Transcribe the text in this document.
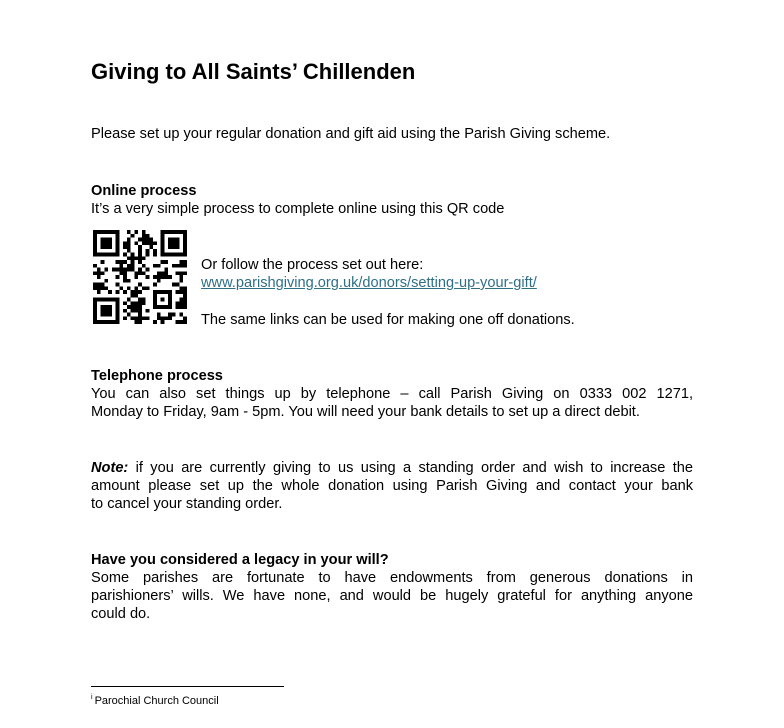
Giving to All Saints’ Chillenden
Please set up your regular donation and gift aid using the Parish Giving scheme.
Online process
It’s a very simple process to complete online using this QR code
Or follow the process set out here:
www.parishgiving.org.uk/donors/setting-up-your-gift/
The same links can be used for making one off donations.
Telephone process
You can also set things up by telephone – call Parish Giving on 0333 002 1271,
Monday to Friday, 9am - 5pm. You will need your bank details to set up a direct debit.
Note: if you are currently giving to us using a standing order and wish to increase the
amount please set up the whole donation using Parish Giving and contact your bank
to cancel your standing order.
Have you considered a legacy in your will?
Some parishes are fortunate to have endowments from generous donations in
parishioners’ wills. We have none, and would be hugely grateful for anything anyone
could do.
$^i$ Parochial Church Council
